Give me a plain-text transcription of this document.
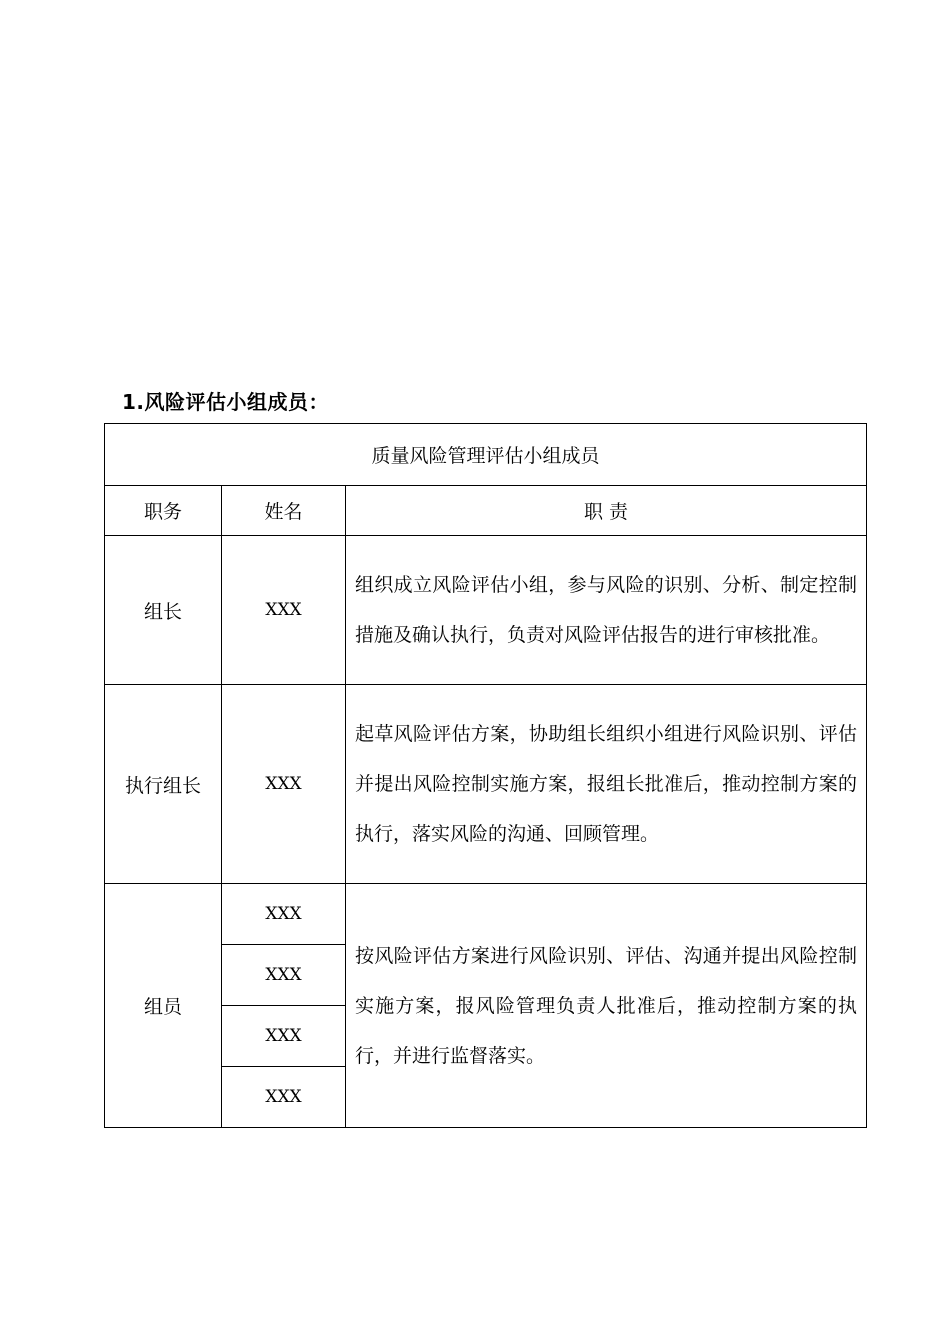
1.风险评估小组成员：
质量风险管理评估小组成员		
职务	姓名	职 责
组长	XXX	组织成立风险评估小组，参与风险的识别、分析、制定控制措施及确认执行，负责对风险评估报告的进行审核批准。
执行组长	XXX	起草风险评估方案，协助组长组织小组进行风险识别、评估并提出风险控制实施方案，报组长批准后，推动控制方案的执行，落实风险的沟通、回顾管理。
组员	XXX	按风险评估方案进行风险识别、评估、沟通并提出风险控制实施方案，报风险管理负责人批准后，推动控制方案的执行，并进行监督落实。
	XXX	
	XXX	
	XXX	
